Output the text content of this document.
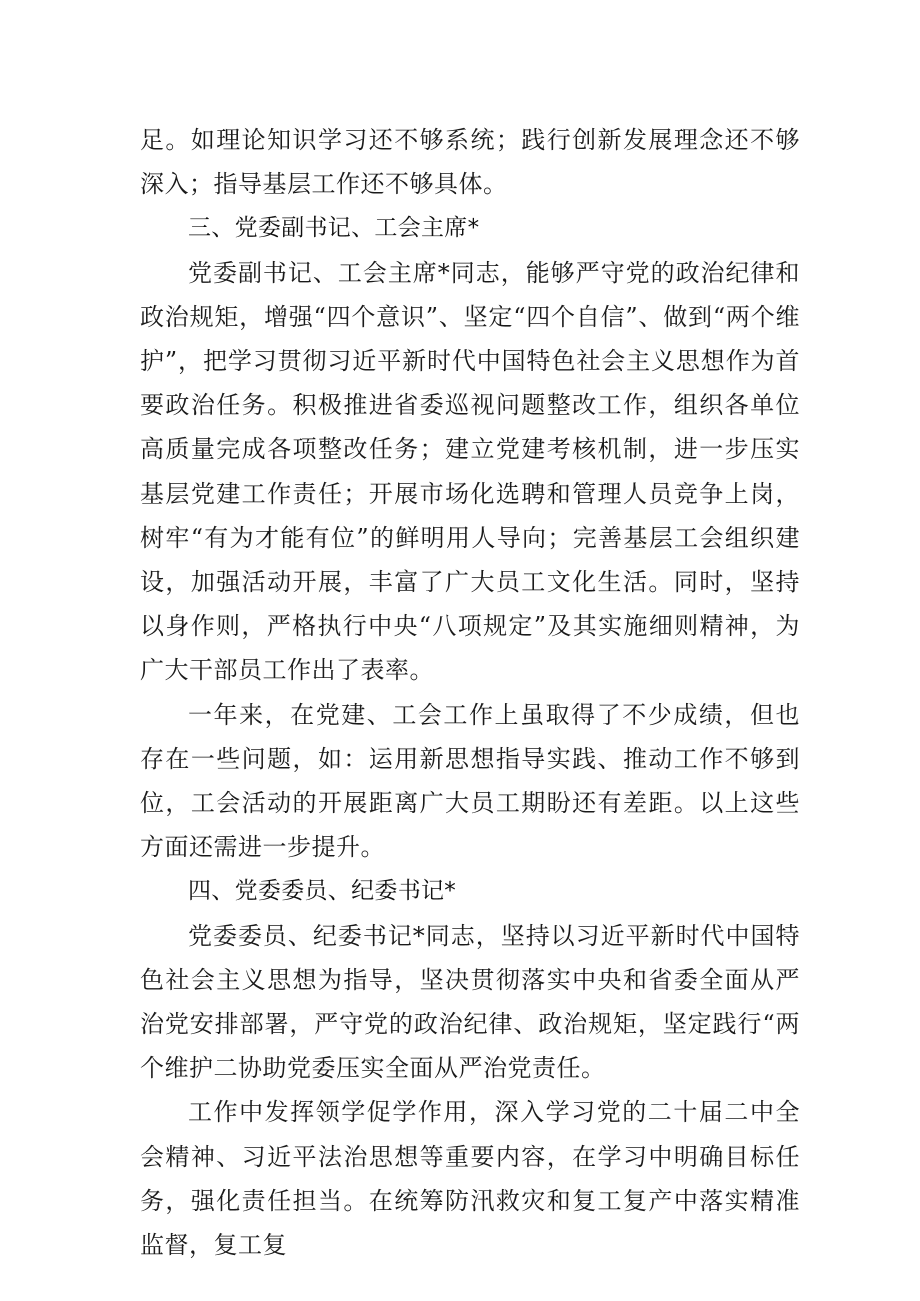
足。如理论知识学习还不够系统；践行创新发展理念还不够深入；指导基层工作还不够具体。

三、党委副书记、工会主席*

党委副书记、工会主席*同志，能够严守党的政治纪律和政治规矩，增强“四个意识”、坚定“四个自信”、做到“两个维护”，把学习贯彻习近平新时代中国特色社会主义思想作为首要政治任务。积极推进省委巡视问题整改工作，组织各单位高质量完成各项整改任务；建立党建考核机制，进一步压实基层党建工作责任；开展市场化选聘和管理人员竞争上岗，树牢“有为才能有位”的鲜明用人导向；完善基层工会组织建设，加强活动开展，丰富了广大员工文化生活。同时，坚持以身作则，严格执行中央“八项规定”及其实施细则精神，为广大干部员工作出了表率。

一年来，在党建、工会工作上虽取得了不少成绩，但也存在一些问题，如：运用新思想指导实践、推动工作不够到位，工会活动的开展距离广大员工期盼还有差距。以上这些方面还需进一步提升。

四、党委委员、纪委书记*

党委委员、纪委书记*同志，坚持以习近平新时代中国特色社会主义思想为指导，坚决贯彻落实中央和省委全面从严治党安排部署，严守党的政治纪律、政治规矩，坚定践行“两个维护二协助党委压实全面从严治党责任。

工作中发挥领学促学作用，深入学习党的二十届二中全会精神、习近平法治思想等重要内容，在学习中明确目标任务，强化责任担当。在统筹防汛救灾和复工复产中落实精准监督，复工复
